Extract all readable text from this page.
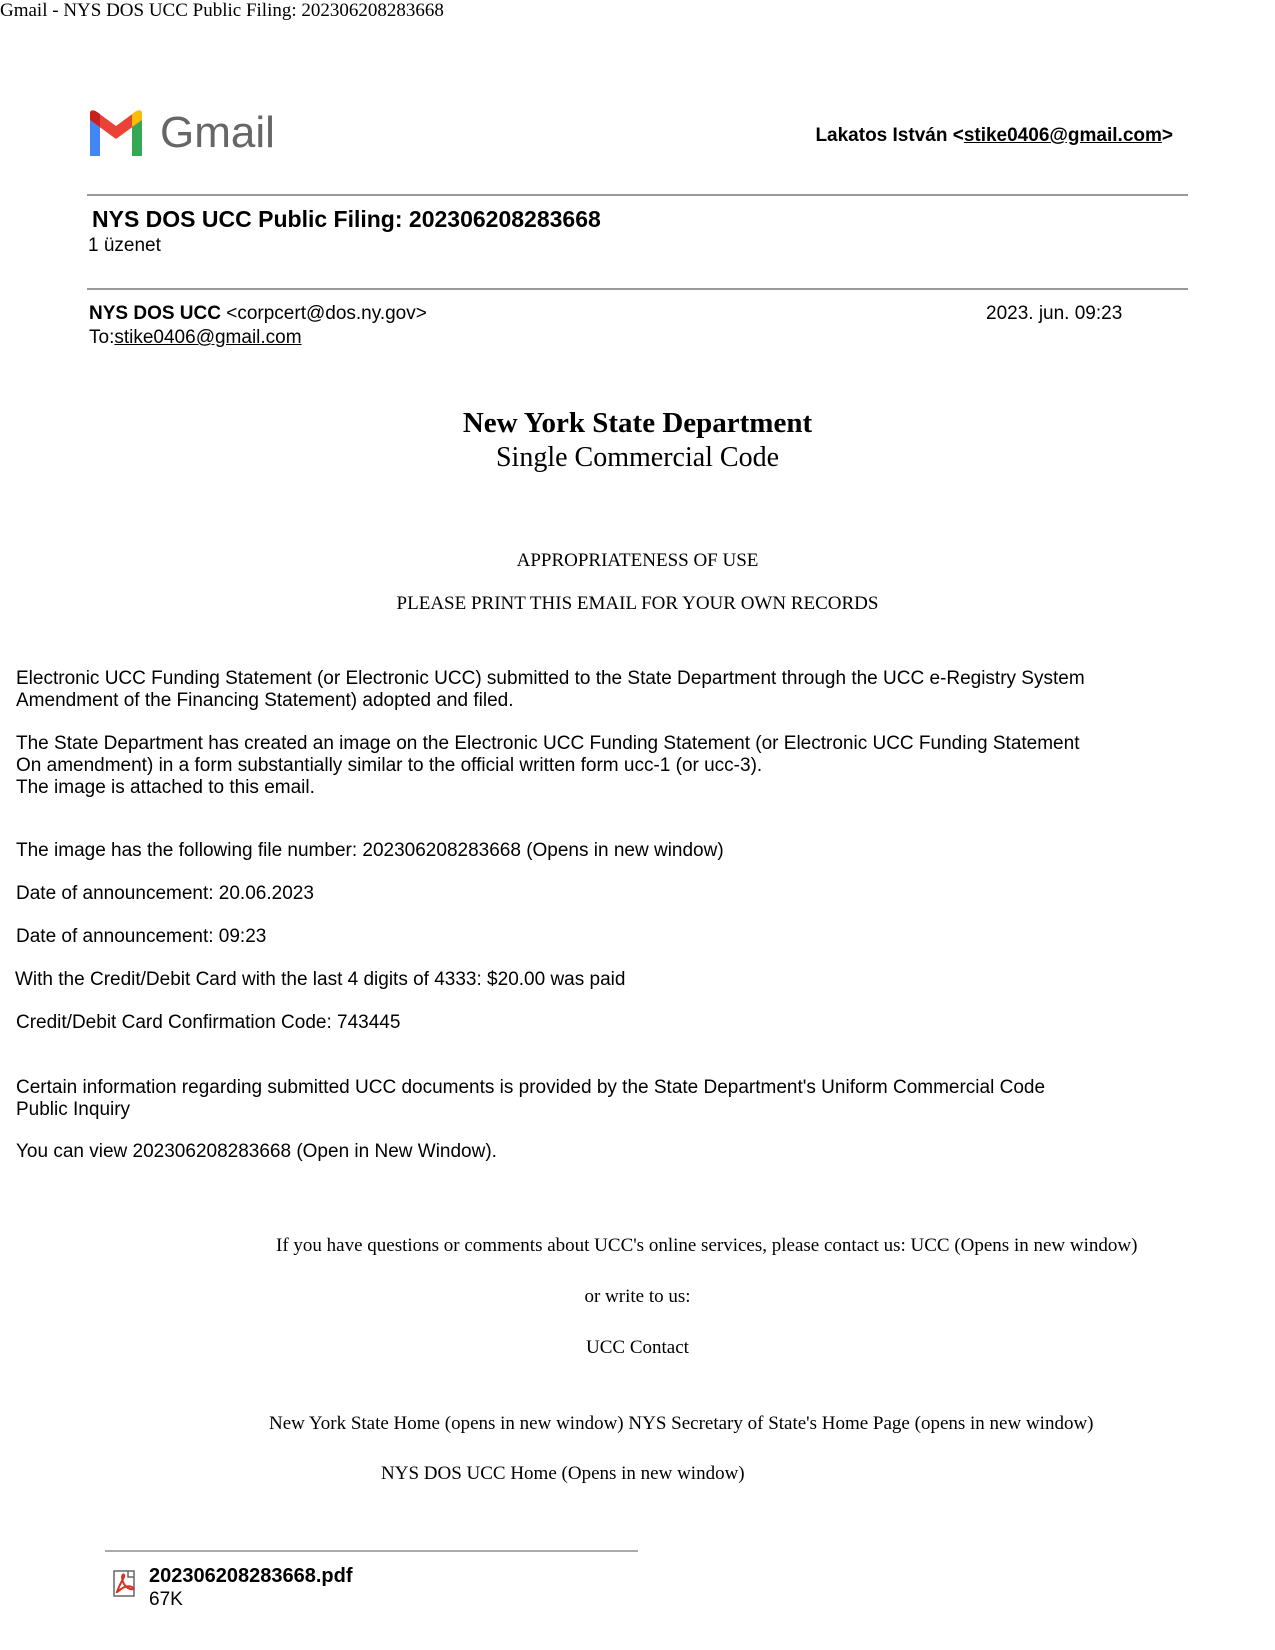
Gmail - NYS DOS UCC Public Filing: 202306208283668
Gmail	Lakatos István <stike0406@gmail.com>
NYS DOS UCC Public Filing: 202306208283668
1 üzenet
NYS DOS UCC <corpcert@dos.ny.gov>	2023. jun. 09:23
To:stike0406@gmail.com
New York State Department
Single Commercial Code
APPROPRIATENESS OF USE
PLEASE PRINT THIS EMAIL FOR YOUR OWN RECORDS
Electronic UCC Funding Statement (or Electronic UCC) submitted to the State Department through the UCC e-Registry System
Amendment of the Financing Statement) adopted and filed.
The State Department has created an image on the Electronic UCC Funding Statement (or Electronic UCC Funding Statement
On amendment) in a form substantially similar to the official written form ucc-1 (or ucc-3).
The image is attached to this email.
The image has the following file number: 202306208283668 (Opens in new window)
Date of announcement: 20.06.2023
Date of announcement: 09:23
With the Credit/Debit Card with the last 4 digits of 4333: $20.00 was paid
Credit/Debit Card Confirmation Code: 743445
Certain information regarding submitted UCC documents is provided by the State Department's Uniform Commercial Code
Public Inquiry
You can view 202306208283668 (Open in New Window).
If you have questions or comments about UCC's online services, please contact us: UCC (Opens in new window)
or write to us:
UCC Contact
New York State Home (opens in new window) NYS Secretary of State's Home Page (opens in new window)
NYS DOS UCC Home (Opens in new window)
202306208283668.pdf
67K
